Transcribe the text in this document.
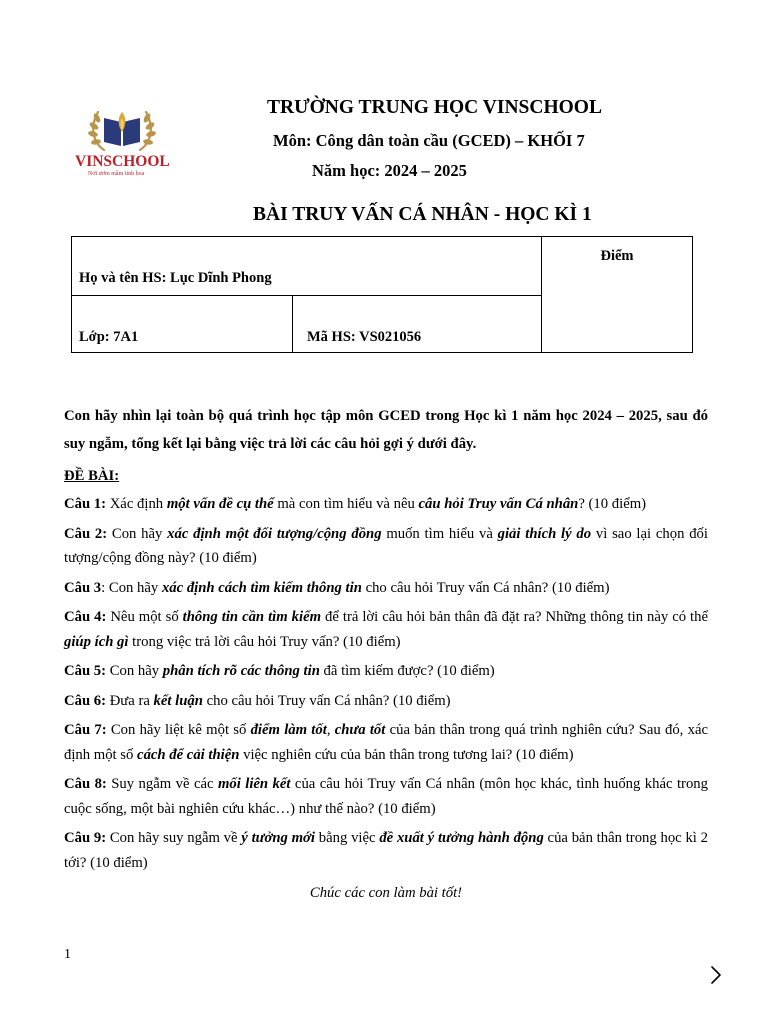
VINSCHOOL
Nơi ươm mầm tinh hoa
TRƯỜNG TRUNG HỌC VINSCHOOL
Môn: Công dân toàn cầu (GCED) – KHỐI 7
Năm học: 2024 – 2025
BÀI TRUY VẤN CÁ NHÂN - HỌC KÌ 1
Họ và tên HS: Lục Dĩnh Phong		Điểm
Lớp: 7A1	Mã HS: VS021056	

Con hãy nhìn lại toàn bộ quá trình học tập môn GCED trong Học kì 1 năm học 2024 – 2025, sau đó suy ngẫm, tổng kết lại bằng việc trả lời các câu hỏi gợi ý dưới đây.

ĐỀ BÀI:

Câu 1: Xác định một vấn đề cụ thể mà con tìm hiểu và nêu câu hỏi Truy vấn Cá nhân? (10 điểm)

Câu 2: Con hãy xác định một đối tượng/cộng đồng muốn tìm hiểu và giải thích lý do vì sao lại chọn đối tượng/cộng đồng này? (10 điểm)

Câu 3: Con hãy xác định cách tìm kiếm thông tin cho câu hỏi Truy vấn Cá nhân? (10 điểm)

Câu 4: Nêu một số thông tin cần tìm kiếm để trả lời câu hỏi bản thân đã đặt ra? Những thông tin này có thể giúp ích gì trong việc trả lời câu hỏi Truy vấn? (10 điểm)

Câu 5: Con hãy phân tích rõ các thông tin đã tìm kiếm được? (10 điểm)

Câu 6: Đưa ra kết luận cho câu hỏi Truy vấn Cá nhân? (10 điểm)

Câu 7: Con hãy liệt kê một số điểm làm tốt, chưa tốt của bản thân trong quá trình nghiên cứu? Sau đó, xác định một số cách để cải thiện việc nghiên cứu của bản thân trong tương lai? (10 điểm)

Câu 8: Suy ngẫm về các mối liên kết của câu hỏi Truy vấn Cá nhân (môn học khác, tình huống khác trong cuộc sống, một bài nghiên cứu khác…) như thế nào? (10 điểm)

Câu 9: Con hãy suy ngẫm về ý tưởng mới bằng việc đề xuất ý tưởng hành động của bản thân trong học kì 2 tới? (10 điểm)

Chúc các con làm bài tốt!
1
